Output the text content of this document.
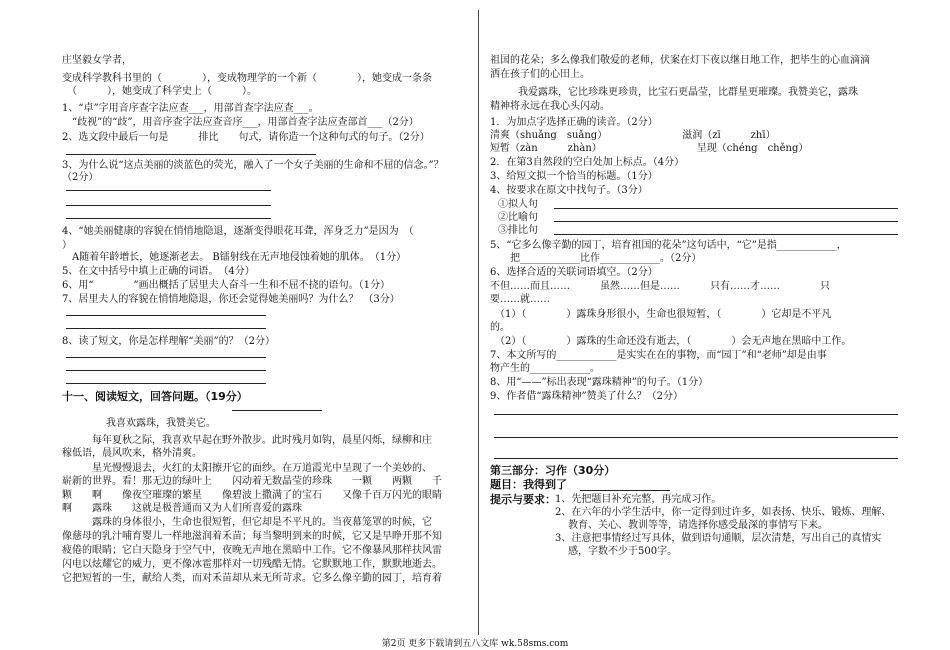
庄坚毅女学者，
变成科学教科书里的（　　　　），变成物理学的一个新（　　　　），她变成一条条
　（　　　），她变成了科学史上（　　　）。
1、“卓”字用音序查字法应查___，用部首查字法应查___。
　“歧视”的“歧”，用音序查字法应查音序___，用部首查字法应查部首___（2分）
2、选文段中最后一句是　　　排比　　句式，请你造一个这种句式的句子。（2分）
3、为什么说“这点美丽的淡蓝色的荧光，融入了一个女子美丽的生命和不屈的信念。”？
（2分）
4、“她美丽健康的容貌在悄悄地隐退，逐渐变得眼花耳聋，浑身乏力”是因为　（
）
　A随着年龄增长，她逐渐老去。 B镭射线在无声地侵蚀着她的肌体。　（1分）
5、在文中括号中填上正确的词语。　（4分）
6、用“　　　　”画出概括了居里夫人奋斗一生和不屈不挠的语句。（1分）
7、居里夫人的容貌在悄悄地隐退，你还会觉得她美丽吗？为什么？　（3分）
8、读了短文，你是怎样理解“美丽”的？（2分）
十一、阅读短文，回答问题。（19分）
我喜欢露珠，我赞美它。
每年夏秋之际，我喜欢早起在野外散步。此时残月如钩，晨星闪烁，绿柳和庄
稼低语，晨风吹来，格外清爽。
星光慢慢退去，火红的太阳擦开它的面纱。在万道霞光中呈现了一个美妙的、
崭新的世界。看！那无边的绿叶上　　闪动着无数晶莹的珍珠　　一颗　　两颗　　千
颗　　啊　　像夜空璀璨的繁星　　像碧波上撒满了的宝石　　又像千百万闪光的眼睛
啊　　露珠　　这就是极普通而又为人们所喜爱的露珠
露珠的身体很小，生命也很短暂，但它却是不平凡的。当夜幕笼罩的时候，它
像慈母的乳汁哺育婴儿一样地滋润着禾苗；每当黎明到来的时候，它又是早睁开那不知
疲倦的眼睛；它白天隐身于空气中，夜晚无声地在黑暗中工作。它不像暴风那样扶风雷
闪电以炫耀它的威力，更不像冰雹那样对一切残酷无情。它默默地工作，默默地逝去。
它把短暂的一生，献给人类，而对禾苗却从来无所苛求。它多么像辛勤的园丁，培育着
祖国的花朵；多么像我们敬爱的老师，伏案在灯下夜以继日地工作，把毕生的心血滴滴
洒在孩子们的心田上。
我爱露珠，它比珍珠更珍贵，比宝石更晶莹，比群星更璀璨。我赞美它，露珠
精神将永远在我心头闪动。
1．为加点字选择正确的读音。（2分）
清爽（shuǎng　suǎng）　　　　　　　　滋润（zī　　　zhī）
短暂（zàn　　　zhàn）　　　　　　　　　　呈现（chéng　chěng）
2．在第3自然段的空白处加上标点。（4分）
3、给短文拟一个恰当的标题。（1分）
4、按要求在原文中找句子。（3分）
①拟人句
②比喻句
③排比句
5、“它多么像辛勤的园丁，培育祖国的花朵”这句话中，“它”是指____________，
　　把____________比作____________。（2分）
6、选择合适的关联词语填空。（2分）
不但……而且……　　　虽然……但是……　　　只有……才……　　　　只
要……就……
　（1）（　　　　）露珠身形很小，生命也很短暂，（　　　　）它却是不平凡
的。
　（2）（　　　　）露珠的生命还没有逝去，（　　　　）会无声地在黑暗中工作。
7、本文所写的____________是实实在在的事物，而“园丁”和“老师”却是由事
物产生的____________。
8、用“——”标出表现“露珠精神”的句子。（1分）
9、作者借“露珠精神”赞美了什么？（2分）
第三部分：习作（30分）
题目：我得到了
提示与要求： 1、先把题目补充完整，再完成习作。
2、在六年的小学生活中，你一定得到过许多，如表扬、快乐、锻炼、理解、
教育、关心、教训等等，请选择你感受最深的事情写下来。
3、注意把事情经过写具体，做到语句通顺，层次清楚，写出自己的真情实
感，字数不少于500字。
第2页 更多下载请到五八文库 wk.58sms.com
